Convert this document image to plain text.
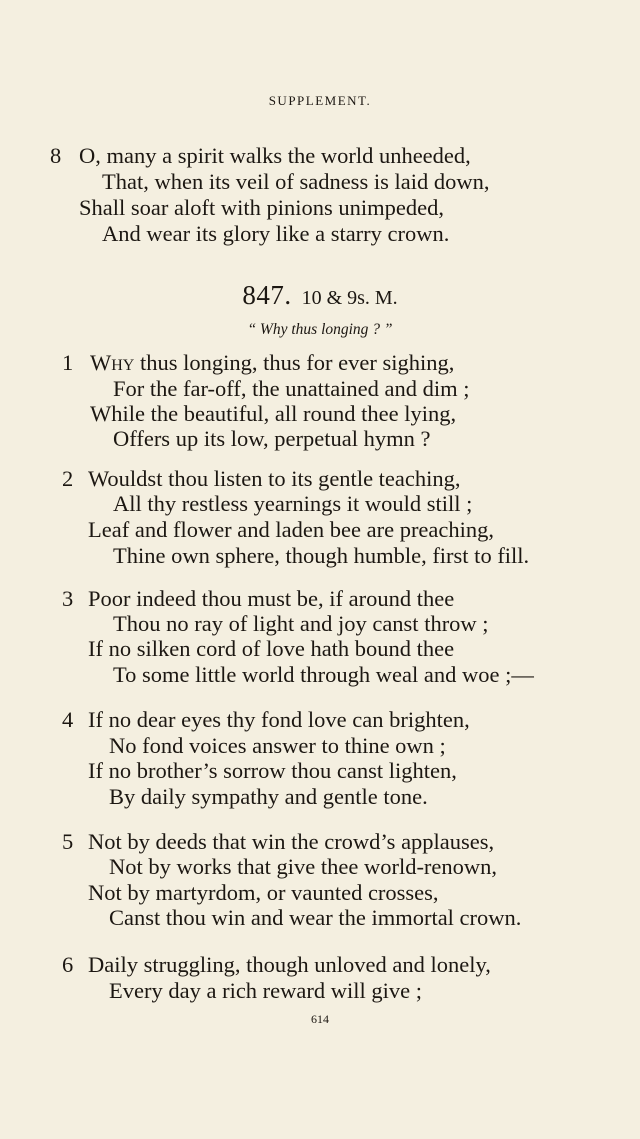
SUPPLEMENT.
8 O, many a spirit walks the world unheeded,
That, when its veil of sadness is laid down,
Shall soar aloft with pinions unimpeded,
And wear its glory like a starry crown.
847. 10 & 9s. M.
“ Why thus longing ? ”
1 Why thus longing, thus for ever sighing,
For the far-off, the unattained and dim ;
While the beautiful, all round thee lying,
Offers up its low, perpetual hymn ?
2 Wouldst thou listen to its gentle teaching,
All thy restless yearnings it would still ;
Leaf and flower and laden bee are preaching,
Thine own sphere, though humble, first to fill.
3 Poor indeed thou must be, if around thee
Thou no ray of light and joy canst throw ;
If no silken cord of love hath bound thee
To some little world through weal and woe ;—
4 If no dear eyes thy fond love can brighten,
No fond voices answer to thine own ;
If no brother’s sorrow thou canst lighten,
By daily sympathy and gentle tone.
5 Not by deeds that win the crowd’s applauses,
Not by works that give thee world-renown,
Not by martyrdom, or vaunted crosses,
Canst thou win and wear the immortal crown.
6 Daily struggling, though unloved and lonely,
Every day a rich reward will give ;
614
